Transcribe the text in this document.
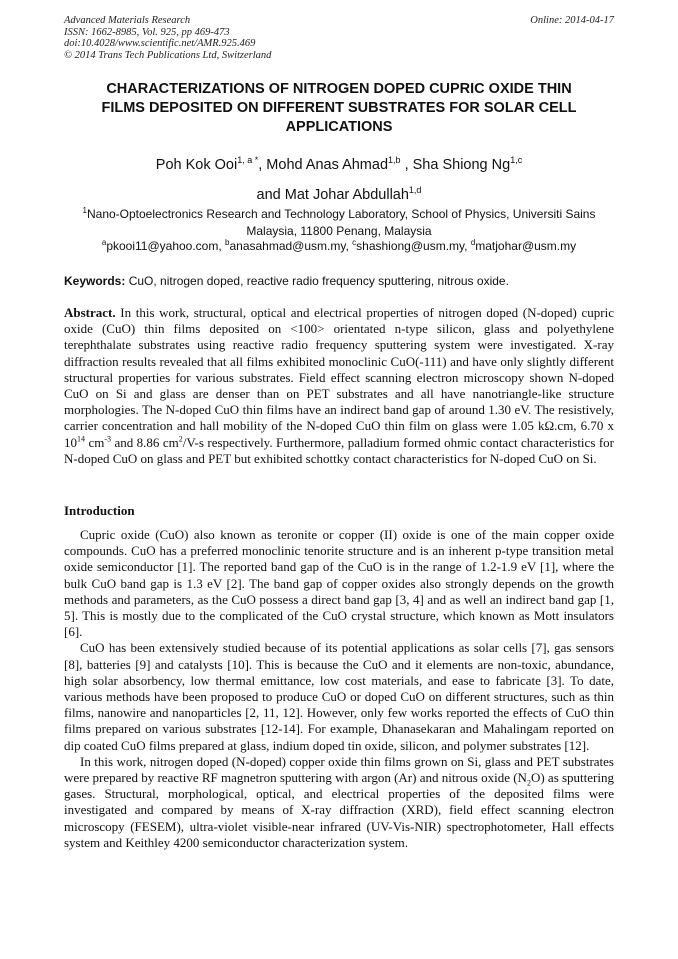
Advanced Materials Research
ISSN: 1662-8985, Vol. 925, pp 469-473
doi:10.4028/www.scientific.net/AMR.925.469
© 2014 Trans Tech Publications Ltd, Switzerland
Online: 2014-04-17
CHARACTERIZATIONS OF NITROGEN DOPED CUPRIC OXIDE THIN
FILMS DEPOSITED ON DIFFERENT SUBSTRATES FOR SOLAR CELL
APPLICATIONS
Poh Kok Ooi$^{1, a *}$, Mohd Anas Ahmad$^{1,b}$ , Sha Shiong Ng$^{1,c}$
and Mat Johar Abdullah$^{1,d}$
$^1$Nano-Optoelectronics Research and Technology Laboratory, School of Physics, Universiti Sains
Malaysia, 11800 Penang, Malaysia
$^a$pkooi11@yahoo.com, $^b$anasahmad@usm.my, $^c$shashiong@usm.my, $^d$matjohar@usm.my
Keywords: CuO, nitrogen doped, reactive radio frequency sputtering, nitrous oxide.
Abstract. In this work, structural, optical and electrical properties of nitrogen doped (N-doped) cupric oxide (CuO) thin films deposited on <100> orientated n-type silicon, glass and polyethylene terephthalate substrates using reactive radio frequency sputtering system were investigated. X-ray diffraction results revealed that all films exhibited monoclinic CuO(-111) and have only slightly different structural properties for various substrates. Field effect scanning electron microscopy shown N-doped CuO on Si and glass are denser than on PET substrates and all have nanotriangle-like structure morphologies. The N-doped CuO thin films have an indirect band gap of around 1.30 eV. The resistively, carrier concentration and hall mobility of the N-doped CuO thin film on glass were 1.05 kΩ.cm, 6.70 x $10^{14}$ $cm^{-3}$ and 8.86 $cm^2/V-s$ respectively. Furthermore, palladium formed ohmic contact characteristics for N-doped CuO on glass and PET but exhibited schottky contact characteristics for N-doped CuO on Si.
Introduction

Cupric oxide (CuO) also known as teronite or copper (II) oxide is one of the main copper oxide compounds. CuO has a preferred monoclinic tenorite structure and is an inherent p-type transition metal oxide semiconductor [1]. The reported band gap of the CuO is in the range of 1.2-1.9 eV [1], where the bulk CuO band gap is 1.3 eV [2]. The band gap of copper oxides also strongly depends on the growth methods and parameters, as the CuO possess a direct band gap [3, 4] and as well an indirect band gap [1, 5]. This is mostly due to the complicated of the CuO crystal structure, which known as Mott insulators [6].

CuO has been extensively studied because of its potential applications as solar cells [7], gas sensors [8], batteries [9] and catalysts [10]. This is because the CuO and it elements are non-toxic, abundance, high solar absorbency, low thermal emittance, low cost materials, and ease to fabricate [3]. To date, various methods have been proposed to produce CuO or doped CuO on different structures, such as thin films, nanowire and nanoparticles [2, 11, 12]. However, only few works reported the effects of CuO thin films prepared on various substrates [12-14]. For example, Dhanasekaran and Mahalingam reported on dip coated CuO films prepared at glass, indium doped tin oxide, silicon, and polymer substrates [12].

In this work, nitrogen doped (N-doped) copper oxide thin films grown on Si, glass and PET substrates were prepared by reactive RF magnetron sputtering with argon (Ar) and nitrous oxide $(N_2O)$ as sputtering gases. Structural, morphological, optical, and electrical properties of the deposited films were investigated and compared by means of X-ray diffraction (XRD), field effect scanning electron microscopy (FESEM), ultra-violet visible-near infrared (UV-Vis-NIR) spectrophotometer, Hall effects system and Keithley 4200 semiconductor characterization system.
